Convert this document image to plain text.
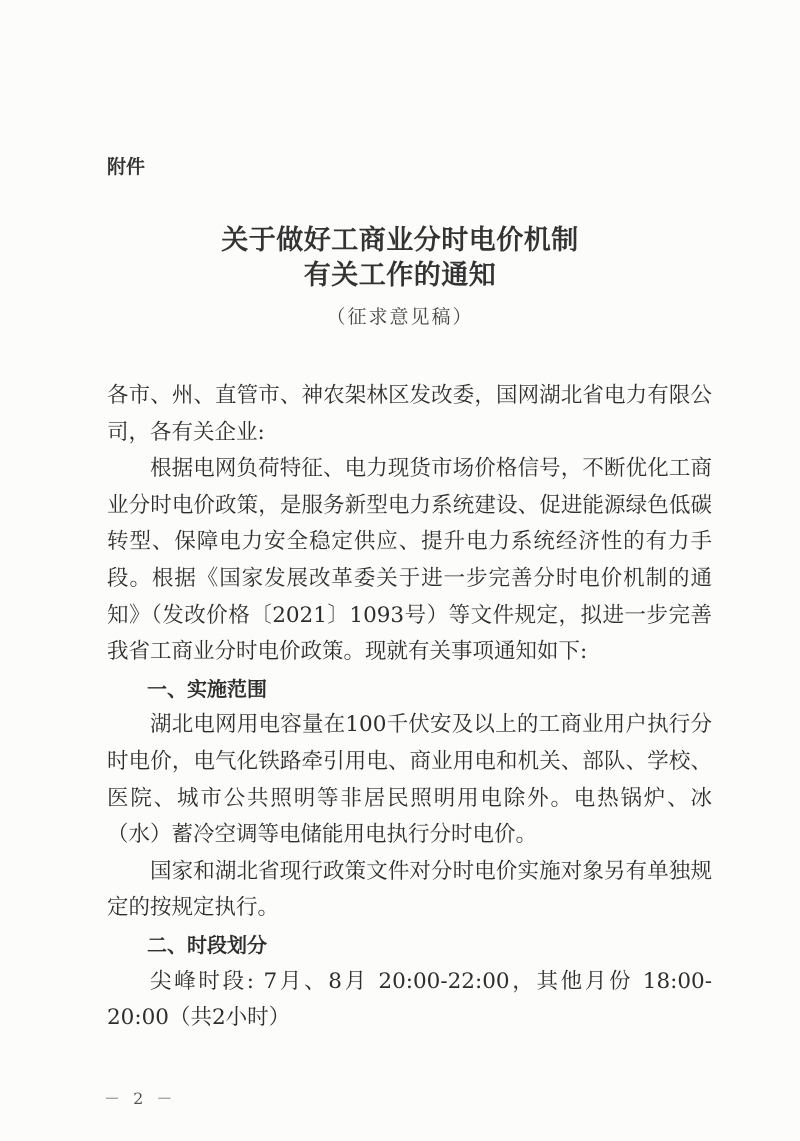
附件
关于做好工商业分时电价机制
有关工作的通知
（征求意见稿）

各市、州、直管市、神农架林区发改委，国网湖北省电力有限公司，各有关企业:

根据电网负荷特征、电力现货市场价格信号，不断优化工商业分时电价政策，是服务新型电力系统建设、促进能源绿色低碳转型、保障电力安全稳定供应、提升电力系统经济性的有力手段。根据《国家发展改革委关于进一步完善分时电价机制的通知》（发改价格〔2021〕1093号）等文件规定，拟进一步完善我省工商业分时电价政策。现就有关事项通知如下:

一、实施范围

湖北电网用电容量在100千伏安及以上的工商业用户执行分时电价，电气化铁路牵引用电、商业用电和机关、部队、学校、医院、城市公共照明等非居民照明用电除外。电热锅炉、冰（水）蓄冷空调等电储能用电执行分时电价。

国家和湖北省现行政策文件对分时电价实施对象另有单独规定的按规定执行。

二、时段划分

尖峰时段: 7月、8月 20:00-22:00，其他月份 18:00-20:00（共2小时）

－ 2 －
